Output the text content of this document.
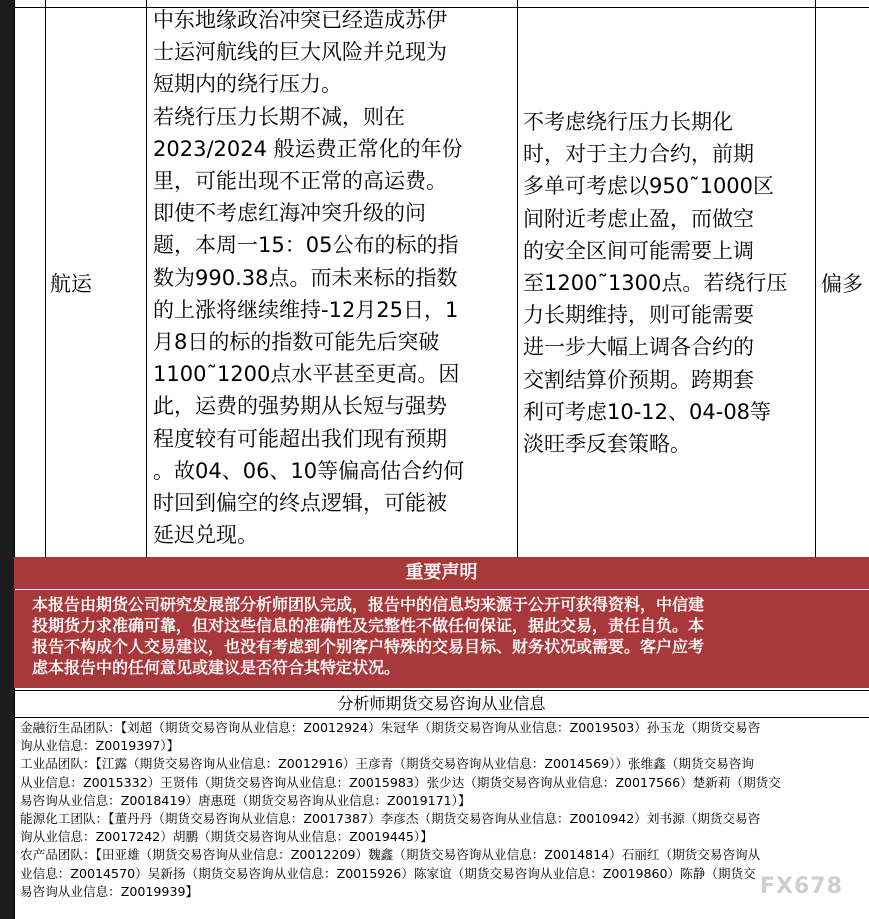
航运
中东地缘政治冲突已经造成苏伊
士运河航线的巨大风险并兑现为
短期内的绕行压力。
若绕行压力长期不减，则在
2023/2024 般运费正常化的年份
里，可能出现不正常的高运费。
即使不考虑红海冲突升级的问
题，本周一15：05公布的标的指
数为990.38点。而未来标的指数
的上涨将继续维持-12月25日，1
月8日的标的指数可能先后突破
1100˜1200点水平甚至更高。因
此，运费的强势期从长短与强势
程度较有可能超出我们现有预期
。故04、06、10等偏高估合约何
时回到偏空的终点逻辑，可能被
延迟兑现。
不考虑绕行压力长期化
时，对于主力合约，前期
多单可考虑以950˜1000区
间附近考虑止盈，而做空
的安全区间可能需要上调
至1200˜1300点。若绕行压
力长期维持，则可能需要
进一步大幅上调各合约的
交割结算价预期。跨期套
利可考虑10-12、04-08等
淡旺季反套策略。
偏多
重要声明
本报告由期货公司研究发展部分析师团队完成，报告中的信息均来源于公开可获得资料，中信建
投期货力求准确可靠，但对这些信息的准确性及完整性不做任何保证，据此交易，责任自负。本
报告不构成个人交易建议，也没有考虑到个别客户特殊的交易目标、财务状况或需要。客户应考
虑本报告中的任何意见或建议是否符合其特定状况。
分析师期货交易咨询从业信息
金融衍生品团队：【刘超（期货交易咨询从业信息：Z0012924）朱冠华（期货交易咨询从业信息：Z0019503）孙玉龙（期货交易咨
询从业信息：Z0019397）】
工业品团队：【江露（期货交易咨询从业信息：Z0012916）王彦青（期货交易咨询从业信息：Z0014569））张维鑫（期货交易咨询
从业信息：Z0015332）王贤伟（期货交易咨询从业信息：Z0015983）张少达（期货交易咨询从业信息：Z0017566）楚新莉（期货交
易咨询从业信息：Z0018419）唐惠珽（期货交易咨询从业信息：Z0019171）】
能源化工团队：【董丹丹（期货交易咨询从业信息：Z0017387）李彦杰（期货交易咨询从业信息：Z0010942）刘书源（期货交易咨
询从业信息：Z0017242）胡鹏（期货交易咨询从业信息：Z0019445）】
农产品团队：【田亚雄（期货交易咨询从业信息：Z0012209）魏鑫（期货交易咨询从业信息：Z0014814）石丽红（期货交易咨询从
业信息：Z0014570）吴新扬（期货交易咨询从业信息：Z0015926）陈家谊（期货交易咨询从业信息：Z0019860）陈静（期货交
易咨询从业信息：Z0019939】	FX678
